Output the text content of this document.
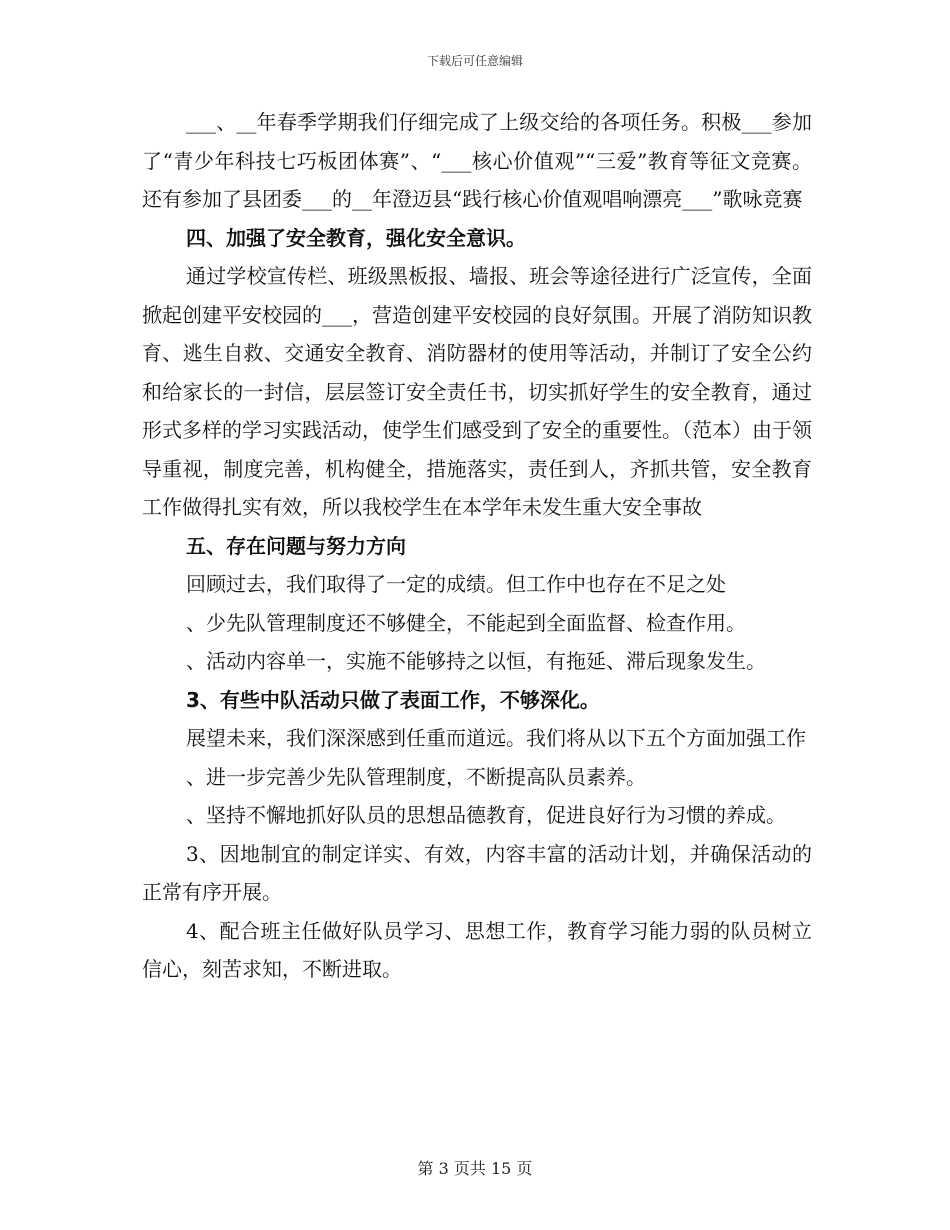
下载后可任意编辑

___、__年春季学期我们仔细完成了上级交给的各项任务。积极___参加了“青少年科技七巧板团体赛”、“___核心价值观”“三爱”教育等征文竞赛。还有参加了县团委___的__年澄迈县“践行核心价值观唱响漂亮___”歌咏竞赛

四、加强了安全教育，强化安全意识。

通过学校宣传栏、班级黑板报、墙报、班会等途径进行广泛宣传，全面掀起创建平安校园的___，营造创建平安校园的良好氛围。开展了消防知识教育、逃生自救、交通安全教育、消防器材的使用等活动，并制订了安全公约和给家长的一封信，层层签订安全责任书，切实抓好学生的安全教育，通过形式多样的学习实践活动，使学生们感受到了安全的重要性。（范本）由于领导重视，制度完善，机构健全，措施落实，责任到人，齐抓共管，安全教育工作做得扎实有效，所以我校学生在本学年未发生重大安全事故

五、存在问题与努力方向

回顾过去，我们取得了一定的成绩。但工作中也存在不足之处

、少先队管理制度还不够健全，不能起到全面监督、检查作用。

、活动内容单一，实施不能够持之以恒，有拖延、滞后现象发生。

3、有些中队活动只做了表面工作，不够深化。

展望未来，我们深深感到任重而道远。我们将从以下五个方面加强工作

、进一步完善少先队管理制度，不断提高队员素养。

、坚持不懈地抓好队员的思想品德教育，促进良好行为习惯的养成。

3、因地制宜的制定详实、有效，内容丰富的活动计划，并确保活动的正常有序开展。

4、配合班主任做好队员学习、思想工作，教育学习能力弱的队员树立信心，刻苦求知，不断进取。

第 3 页共 15 页
